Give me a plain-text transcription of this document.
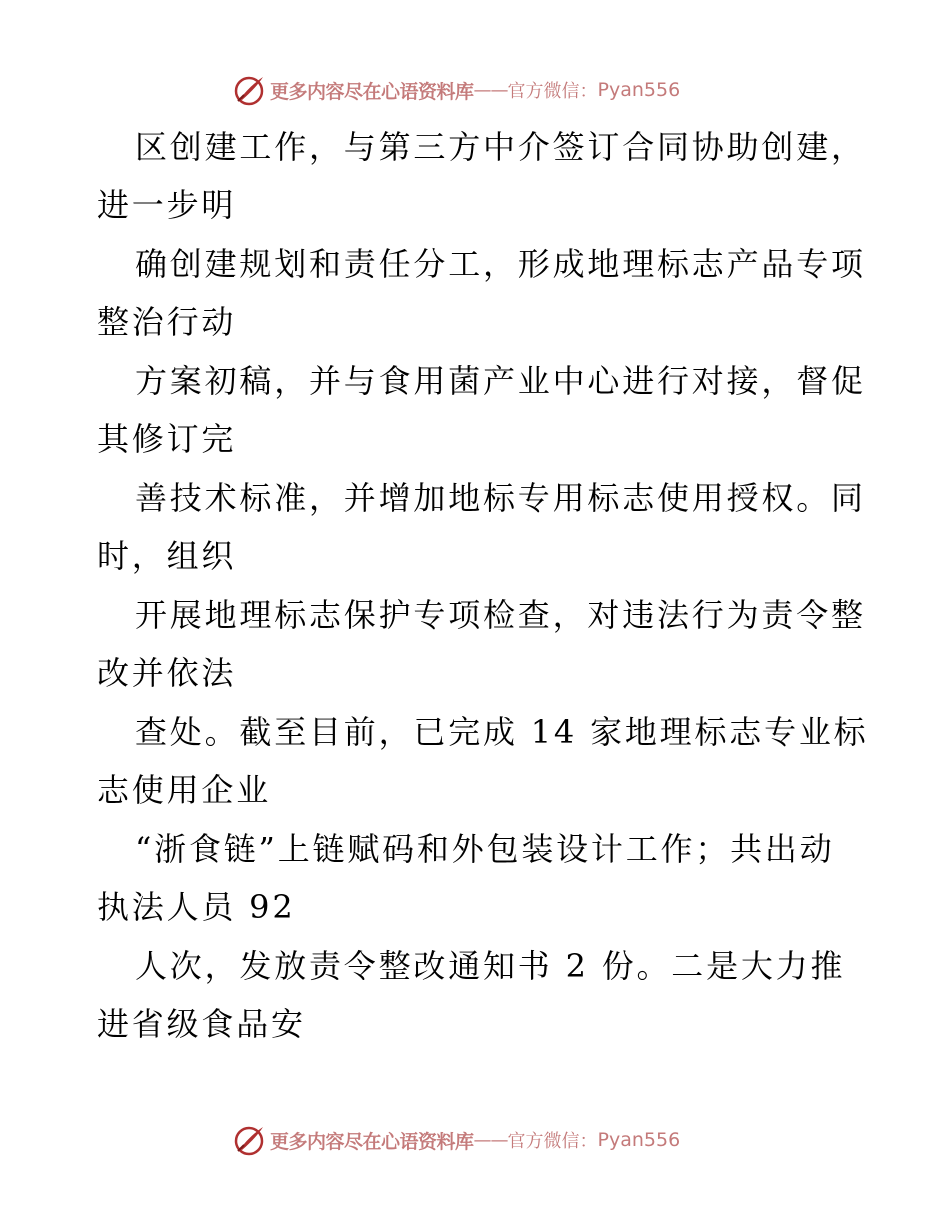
更多内容尽在心语资料库 —— 官方微信： Pyan556
区创建工作，与第三方中介签订合同协助创建，
进一步明
确创建规划和责任分工，形成地理标志产品专项
整治行动
方案初稿，并与食用菌产业中心进行对接，督促
其修订完
善技术标准，并增加地标专用标志使用授权。同
时，组织
开展地理标志保护专项检查，对违法行为责令整
改并依法
查处。截至目前，已完成 14 家地理标志专业标
志使用企业
“浙食链”上链赋码和外包装设计工作；共出动
执法人员 92
人次，发放责令整改通知书 2 份。二是大力推
进省级食品安
更多内容尽在心语资料库 —— 官方微信： Pyan556
